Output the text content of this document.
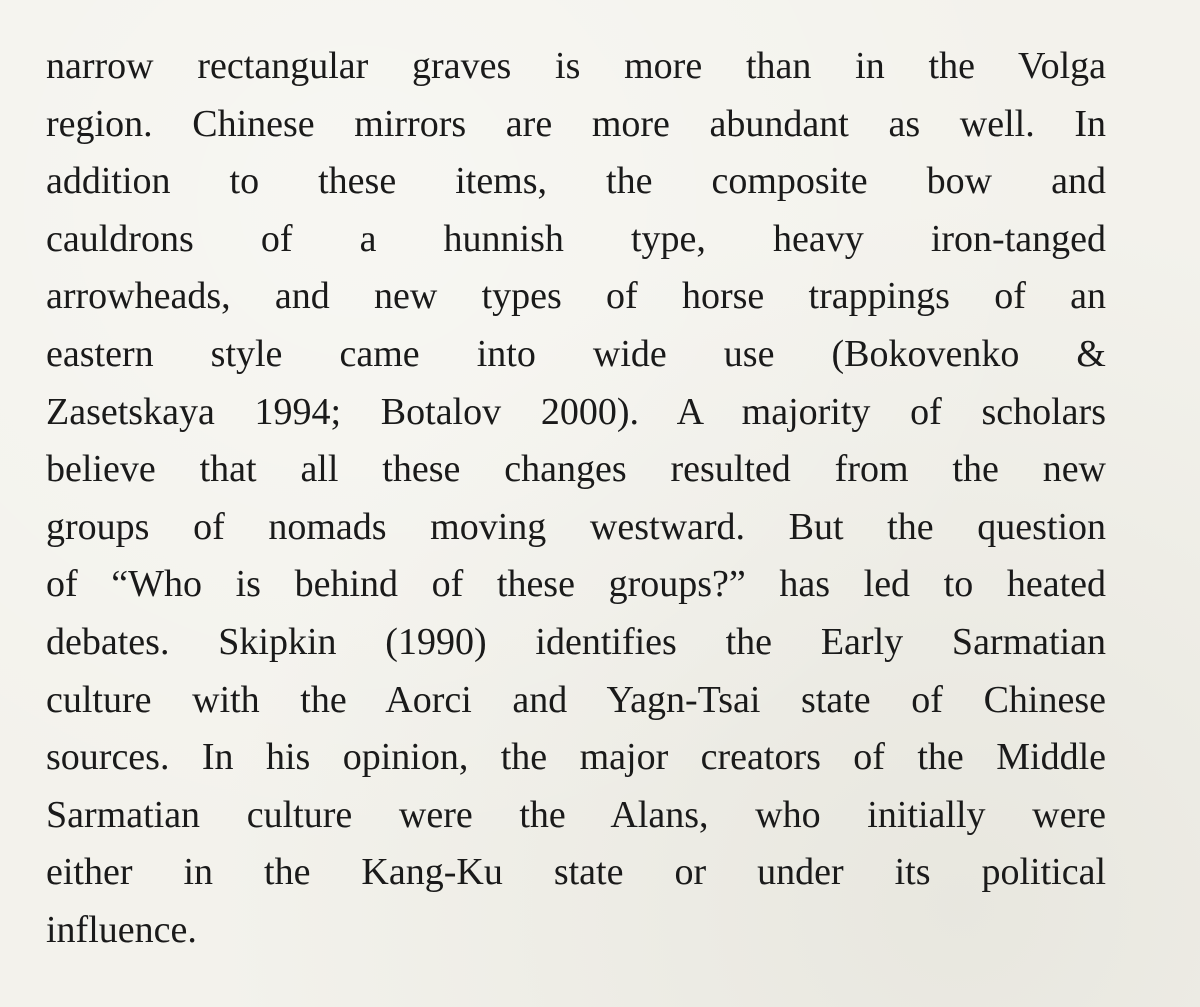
narrow rectangular graves is more than in the Volga
region. Chinese mirrors are more abundant as well. In
addition to these items, the composite bow and
cauldrons of a hunnish type, heavy iron-tanged
arrowheads, and new types of horse trappings of an
eastern style came into wide use (Bokovenko &
Zasetskaya 1994; Botalov 2000). A majority of scholars
believe that all these changes resulted from the new
groups of nomads moving westward. But the question
of “Who is behind of these groups?” has led to heated
debates. Skipkin (1990) identifies the Early Sarmatian
culture with the Aorci and Yagn-Tsai state of Chinese
sources. In his opinion, the major creators of the Middle
Sarmatian culture were the Alans, who initially were
either in the Kang-Ku state or under its political
influence.
